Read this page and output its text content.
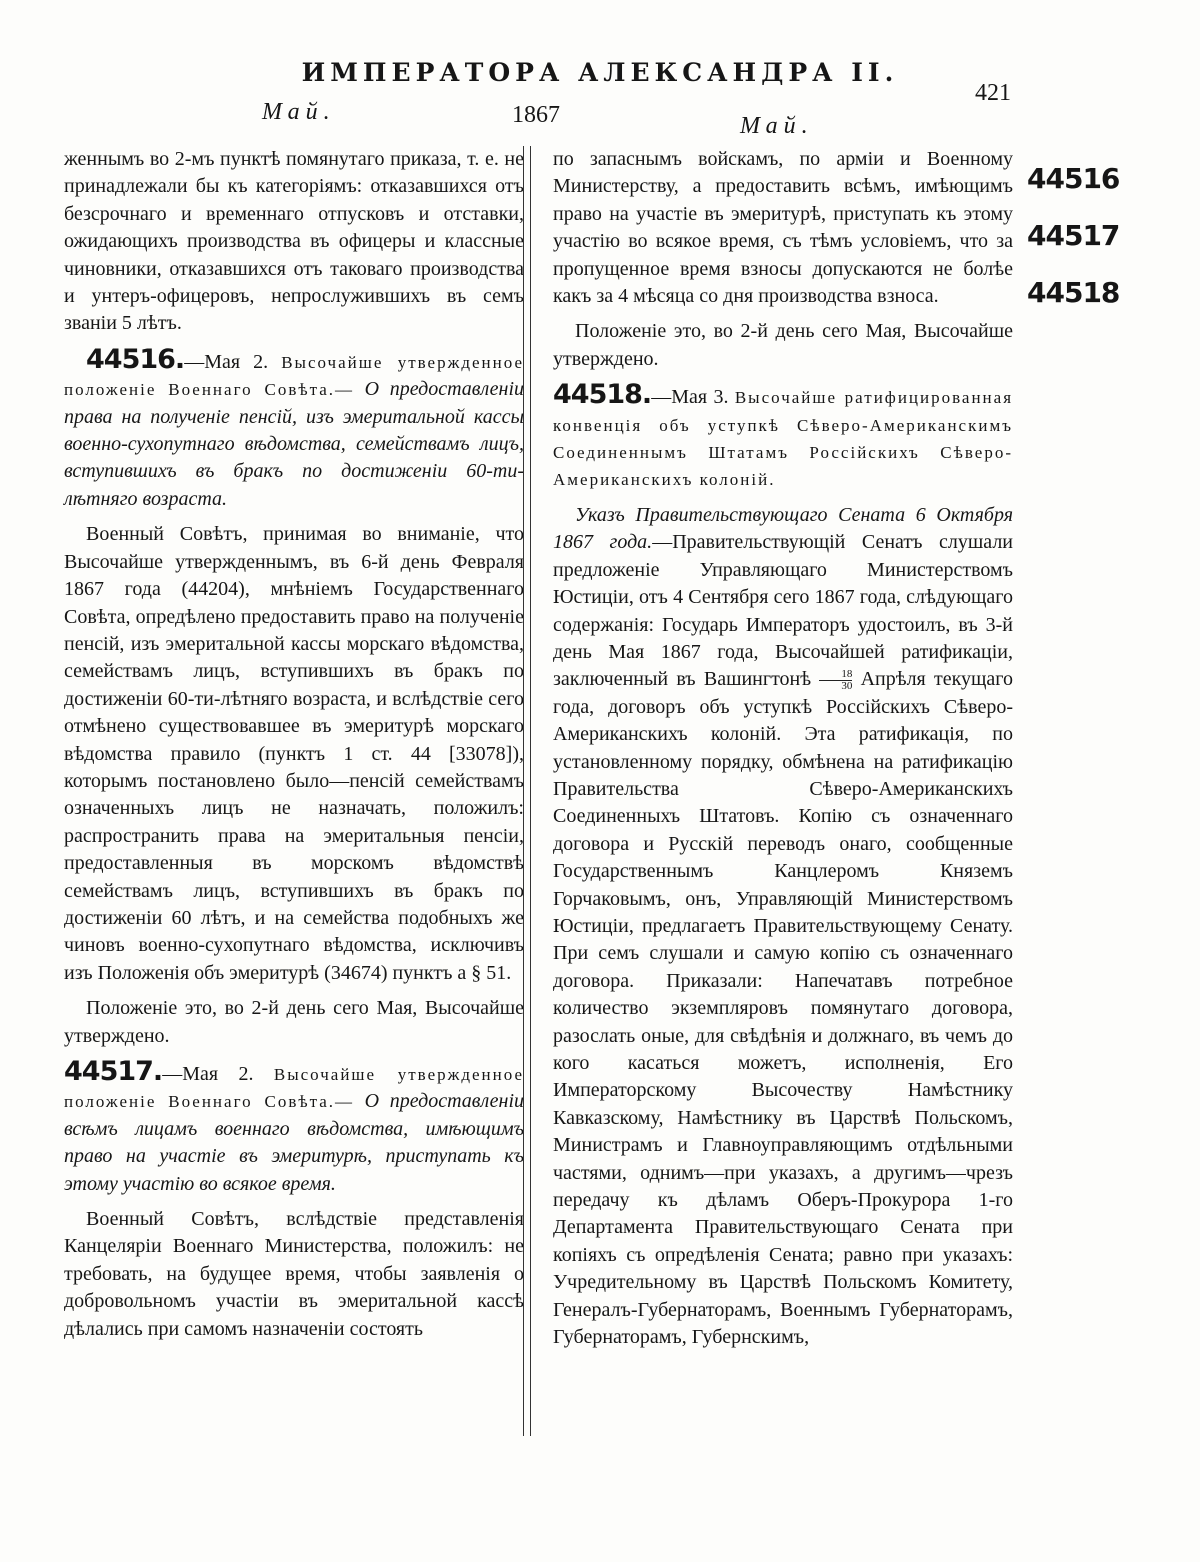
ИМПЕРАТОРА АЛЕКСАНДРА II.
421
Май.	1867	Май.

женнымъ во 2-мъ пунктѣ помянутаго приказа, т. е. не принадлежали бы къ категоріямъ: отказавшихся отъ безсрочнаго и временнаго отпусковъ и отставки, ожидающихъ производства въ офицеры и классные чиновники, отказавшихся отъ таковаго производства и унтеръ-офицеровъ, непрослужившихъ въ семъ званіи 5 лѣтъ.

44516.—Мая 2. Высочайше утвержденное положеніе Военнаго Совѣта.— О предоставленіи права на полученіе пенсій, изъ эмеритальной кассы военно-сухопутнаго вѣдомства, семействамъ лицъ, вступившихъ въ бракъ по достиженіи 60-ти-лѣтняго возраста.

Военный Совѣтъ, принимая во вниманіе, что Высочайше утвержденнымъ, въ 6-й день Февраля 1867 года (44204), мнѣніемъ Государственнаго Совѣта, опредѣлено предоставить право на полученіе пенсій, изъ эмеритальной кассы морскаго вѣдомства, семействамъ лицъ, вступившихъ въ бракъ по достиженіи 60-ти-лѣтняго возраста, и вслѣдствіе сего отмѣнено существовавшее въ эмеритурѣ морскаго вѣдомства правило (пунктъ 1 ст. 44 [33078]), которымъ постановлено было—пенсій семействамъ означенныхъ лицъ не назначать, положилъ: распространить права на эмеритальныя пенсіи, предоставленныя въ морскомъ вѣдомствѣ семействамъ лицъ, вступившихъ въ бракъ по достиженіи 60 лѣтъ, и на семейства подобныхъ же чиновъ военно-сухопутнаго вѣдомства, исключивъ изъ Положенія объ эмеритурѣ (34674) пунктъ а § 51.

Положеніе это, во 2-й день сего Мая, Высочайше утверждено.

44517.—Мая 2. Высочайше утвержденное положеніе Военнаго Совѣта.— О предоставленіи всѣмъ лицамъ военнаго вѣдомства, имѣющимъ право на участіе въ эмеритурѣ, приступать къ этому участію во всякое время.

Военный Совѣтъ, вслѣдствіе представленія Канцеляріи Военнаго Министерства, положилъ: не требовать, на будущее время, чтобы заявленія о добровольномъ участіи въ эмеритальной кассѣ дѣлались при самомъ назначеніи состоять

по запаснымъ войскамъ, по арміи и Военному Министерству, а предоставить всѣмъ, имѣющимъ право на участіе въ эмеритурѣ, приступать къ этому участію во всякое время, съ тѣмъ условіемъ, что за пропущенное время взносы допускаются не болѣе какъ за 4 мѣсяца со дня производства взноса.

Положеніе это, во 2-й день сего Мая, Высочайше утверждено.

44518.—Мая 3. Высочайше ратифицированная конвенція объ уступкѣ Сѣверо-Американскимъ Соединеннымъ Штатамъ Россійскихъ Сѣверо-Американскихъ колоній.

Указъ Правительствующаго Сената 6 Октября 1867 года.—Правительствующій Сенатъ слушали предложеніе Управляющаго Министерствомъ Юстиціи, отъ 4 Сентября сего 1867 года, слѣдующаго содержанія: Государь Императоръ удостоилъ, въ 3-й день Мая 1867 года, Высочайшей ратификаціи, заключенный въ Вашингтонѣ $\frac{18}{30}$ Апрѣля текущаго года, договоръ объ уступкѣ Россійскихъ Сѣверо-Американскихъ колоній. Эта ратификація, по установленному порядку, обмѣнена на ратификацію Правительства Сѣверо-Американскихъ Соединенныхъ Штатовъ. Копію съ означеннаго договора и Русскій переводъ онаго, сообщенные Государственнымъ Канцлеромъ Княземъ Горчаковымъ, онъ, Управляющій Министерствомъ Юстиціи, предлагаетъ Правительствующему Сенату. При семъ слушали и самую копію съ означеннаго договора. Приказали: Напечатавъ потребное количество экземпляровъ помянутаго договора, разослать оные, для свѣдѣнія и должнаго, въ чемъ до кого касаться можетъ, исполненія, Его Императорскому Высочеству Намѣстнику Кавказскому, Намѣстнику въ Царствѣ Польскомъ, Министрамъ и Главноуправляющимъ отдѣльными частями, однимъ—при указахъ, а другимъ—чрезъ передачу къ дѣламъ Оберъ-Прокурора 1-го Департамента Правительствующаго Сената при копіяхъ съ опредѣленія Сената; равно при указахъ: Учредительному въ Царствѣ Польскомъ Комитету, Генералъ-Губернаторамъ, Военнымъ Губернаторамъ, Губернаторамъ, Губернскимъ,

44516
44517
44518
